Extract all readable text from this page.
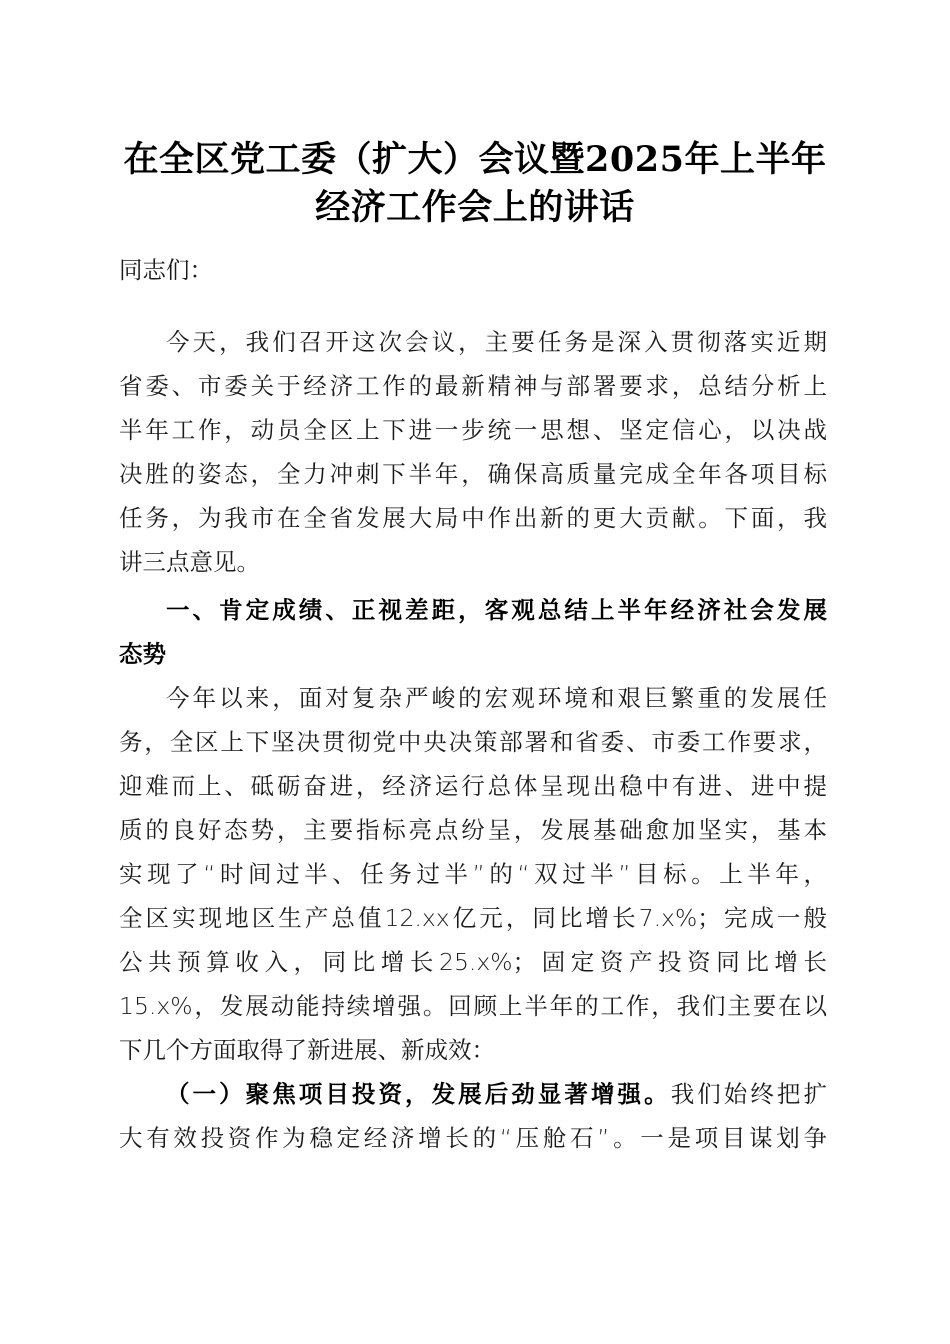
在全区党工委（扩大）会议暨2025年上半年
经济工作会上的讲话
同志们：
今天，我们召开这次会议，主要任务是深入贯彻落实近期
省委、市委关于经济工作的最新精神与部署要求，总结分析上
半年工作，动员全区上下进一步统一思想、坚定信心，以决战
决胜的姿态，全力冲刺下半年，确保高质量完成全年各项目标
任务，为我市在全省发展大局中作出新的更大贡献。下面，我
讲三点意见。
一、肯定成绩、正视差距，客观总结上半年经济社会发展
态势
今年以来，面对复杂严峻的宏观环境和艰巨繁重的发展任
务，全区上下坚决贯彻党中央决策部署和省委、市委工作要求，
迎难而上、砥砺奋进，经济运行总体呈现出稳中有进、进中提
质的良好态势，主要指标亮点纷呈，发展基础愈加坚实，基本
实现了“时间过半、任务过半”的“双过半”目标。上半年，
全区实现地区生产总值12.xx亿元，同比增长7.x%；完成一般
公共预算收入，同比增长25.x%；固定资产投资同比增长
15.x%，发展动能持续增强。回顾上半年的工作，我们主要在以
下几个方面取得了新进展、新成效：
（一）聚焦项目投资，发展后劲显著增强。我们始终把扩
大有效投资作为稳定经济增长的“压舱石”。一是项目谋划争
